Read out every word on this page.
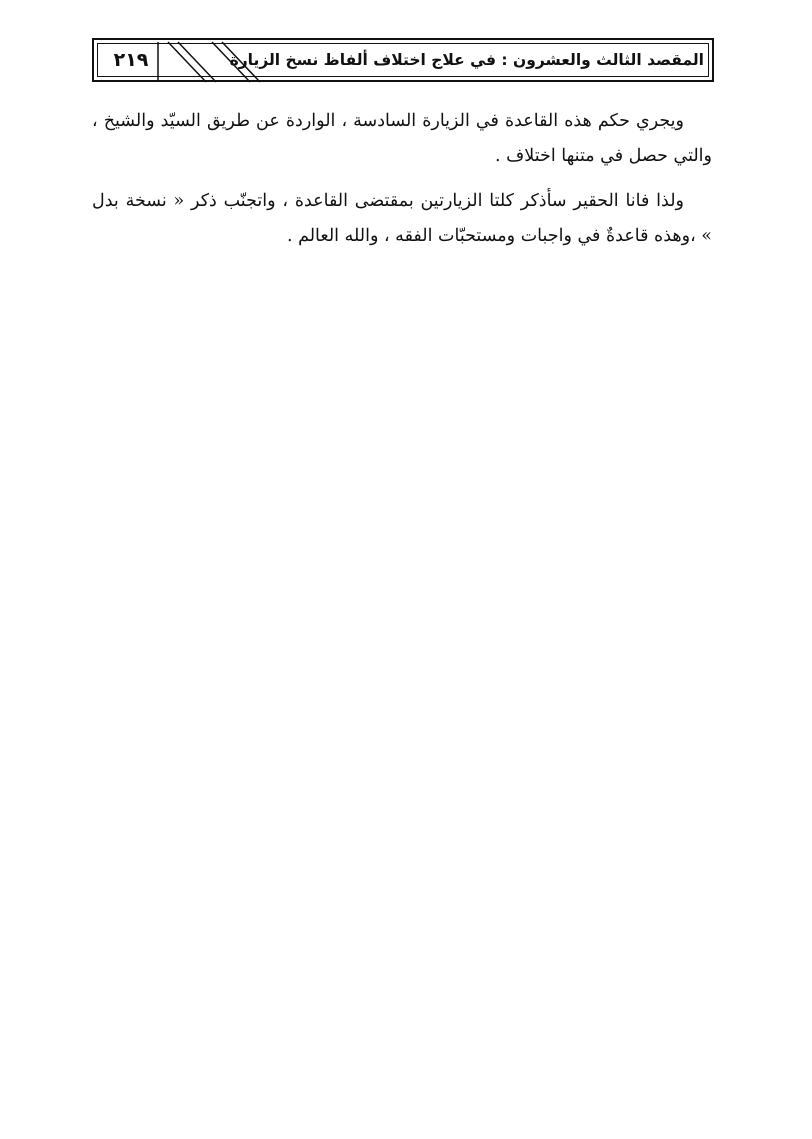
٢١٩	المقصد الثالث والعشرون : في علاج اختلاف ألفاظ نسخ الزيارة

ويجري حكم هذه القاعدة في الزيارة السادسة ، الواردة عن طريق السيّد والشيخ ، والتي حصل في متنها اختلاف .

ولذا فانا الحقير سأذكر كلتا الزيارتين بمقتضى القاعدة ، واتجنّب ذكر « نسخة بدل » ،وهذه قاعدةٌ في واجبات ومستحبّات الفقه ، والله العالم .
